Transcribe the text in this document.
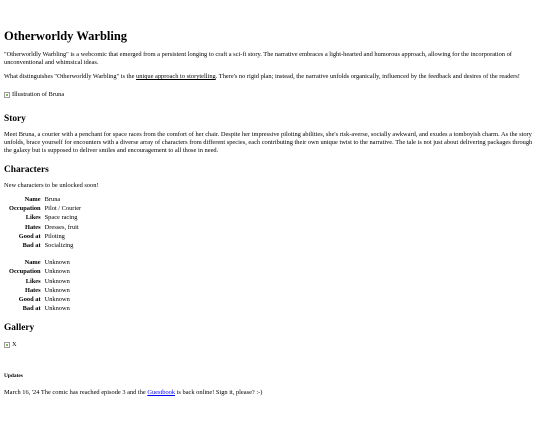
Otherworldy Warbling

"Otherworldly Warbling" is a webcomic that emerged from a persistent longing to craft a sci-fi story. The narrative embraces a light-hearted and humorous approach, allowing for the incorporation of unconventional and whimsical ideas.

What distinguishes "Otherworldly Warbling" is the unique approach to storytelling. There's no rigid plan; instead, the narrative unfolds organically, influenced by the feedback and desires of the readers!

Illustration of Bruna
Story

Meet Bruna, a courier with a penchant for space races from the comfort of her chair. Despite her impressive piloting abilities, she's risk-averse, socially awkward, and exudes a tomboyish charm. As the story unfolds, brace yourself for encounters with a diverse array of characters from different species, each contributing their own unique twist to the narrative. The tale is not just about delivering packages through the galaxy but is supposed to deliver smiles and encouragement to all those in need.

Characters

New characters to be unlocked soon!

Name	Bruna
Occupation	Pilot / Courier
Likes	Space racing
Hates	Dresses, fruit
Good at	Piloting
Bad at	Socializing
Name	Unknown
Occupation	Unknown
Likes	Unknown
Hates	Unknown
Good at	Unknown
Bad at	Unknown
Gallery
X
Updates

March 16, '24 The comic has reached episode 3 and the Guestbook is back online! Sign it, please? :-)
